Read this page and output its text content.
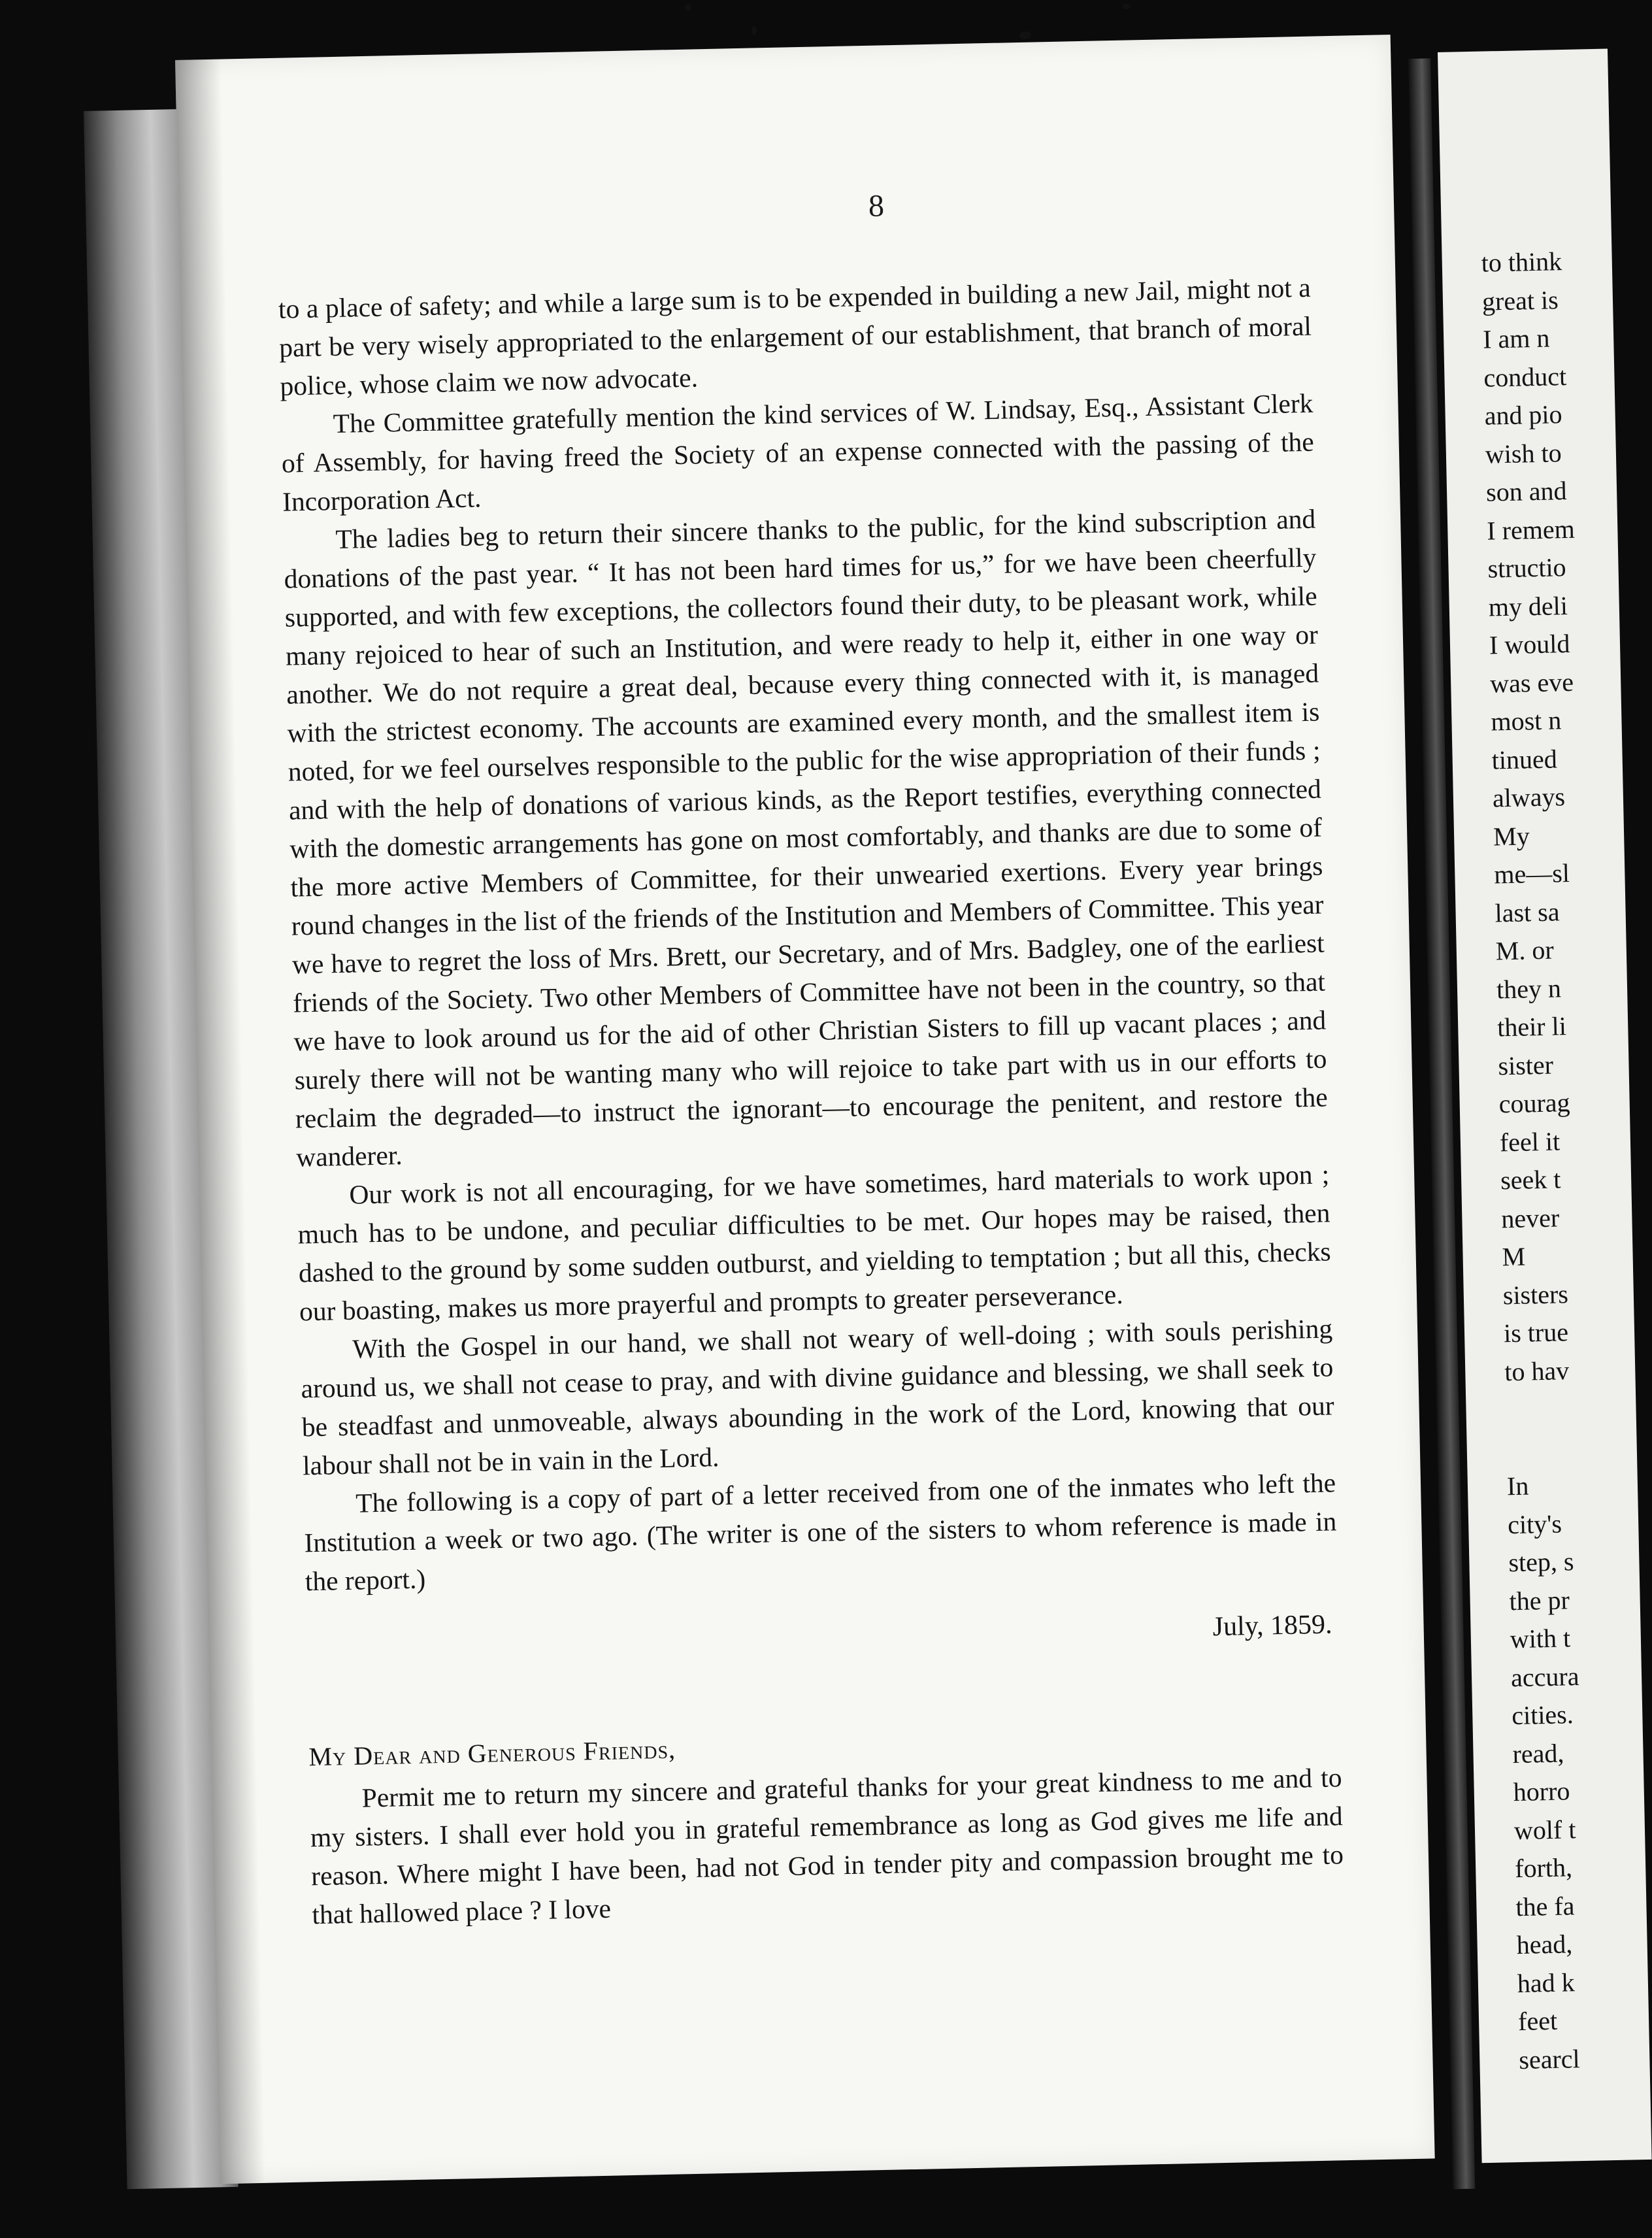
to think
great is
I am n
conduct
and pio
wish to
son and
I remem
structio
my deli
I would
was eve
most n
tinued
always
My
me—sl
last sa
M. or
they n
their li
sister
courag
feel it
seek t
never
M
sisters
is true
to hav
In
city's
step, s
the pr
with t
accura
cities.
read,
horro
wolf t
forth,
the fa
head,
had k
feet
searcl
8

to a place of safety; and while a large sum is to be expended in building a new Jail, might not a part be very wisely appropriated to the enlargement of our establishment, that branch of moral police, whose claim we now advocate.

The Committee gratefully mention the kind services of W. Lindsay, Esq., Assistant Clerk of Assembly, for having freed the Society of an expense connected with the passing of the Incorporation Act.

The ladies beg to return their sincere thanks to the public, for the kind subscription and donations of the past year. “ It has not been hard times for us,” for we have been cheerfully supported, and with few exceptions, the collectors found their duty, to be pleasant work, while many rejoiced to hear of such an Institution, and were ready to help it, either in one way or another. We do not require a great deal, because every thing connected with it, is managed with the strictest economy. The accounts are examined every month, and the smallest item is noted, for we feel ourselves responsible to the public for the wise appropriation of their funds ; and with the help of donations of various kinds, as the Report testifies, everything connected with the domestic arrangements has gone on most comfortably, and thanks are due to some of the more active Members of Committee, for their unwearied exertions. Every year brings round changes in the list of the friends of the Institution and Members of Committee. This year we have to regret the loss of Mrs. Brett, our Secretary, and of Mrs. Badgley, one of the earliest friends of the Society. Two other Members of Committee have not been in the country, so that we have to look around us for the aid of other Christian Sisters to fill up vacant places ; and surely there will not be wanting many who will rejoice to take part with us in our efforts to reclaim the degraded—to instruct the ignorant—to encourage the penitent, and restore the wanderer.

Our work is not all encouraging, for we have sometimes, hard materials to work upon ; much has to be undone, and peculiar difficulties to be met. Our hopes may be raised, then dashed to the ground by some sudden outburst, and yielding to temptation ; but all this, checks our boasting, makes us more prayerful and prompts to greater perseverance.

With the Gospel in our hand, we shall not weary of well-doing ; with souls perishing around us, we shall not cease to pray, and with divine guidance and blessing, we shall seek to be steadfast and unmoveable, always abounding in the work of the Lord, knowing that our labour shall not be in vain in the Lord.

The following is a copy of part of a letter received from one of the inmates who left the Institution a week or two ago. (The writer is one of the sisters to whom reference is made in the report.)

July, 1859.

My Dear and Generous Friends,

Permit me to return my sincere and grateful thanks for your great kindness to me and to my sisters. I shall ever hold you in grateful remembrance as long as God gives me life and reason. Where might I have been, had not God in tender pity and compassion brought me to that hallowed place ? I love
